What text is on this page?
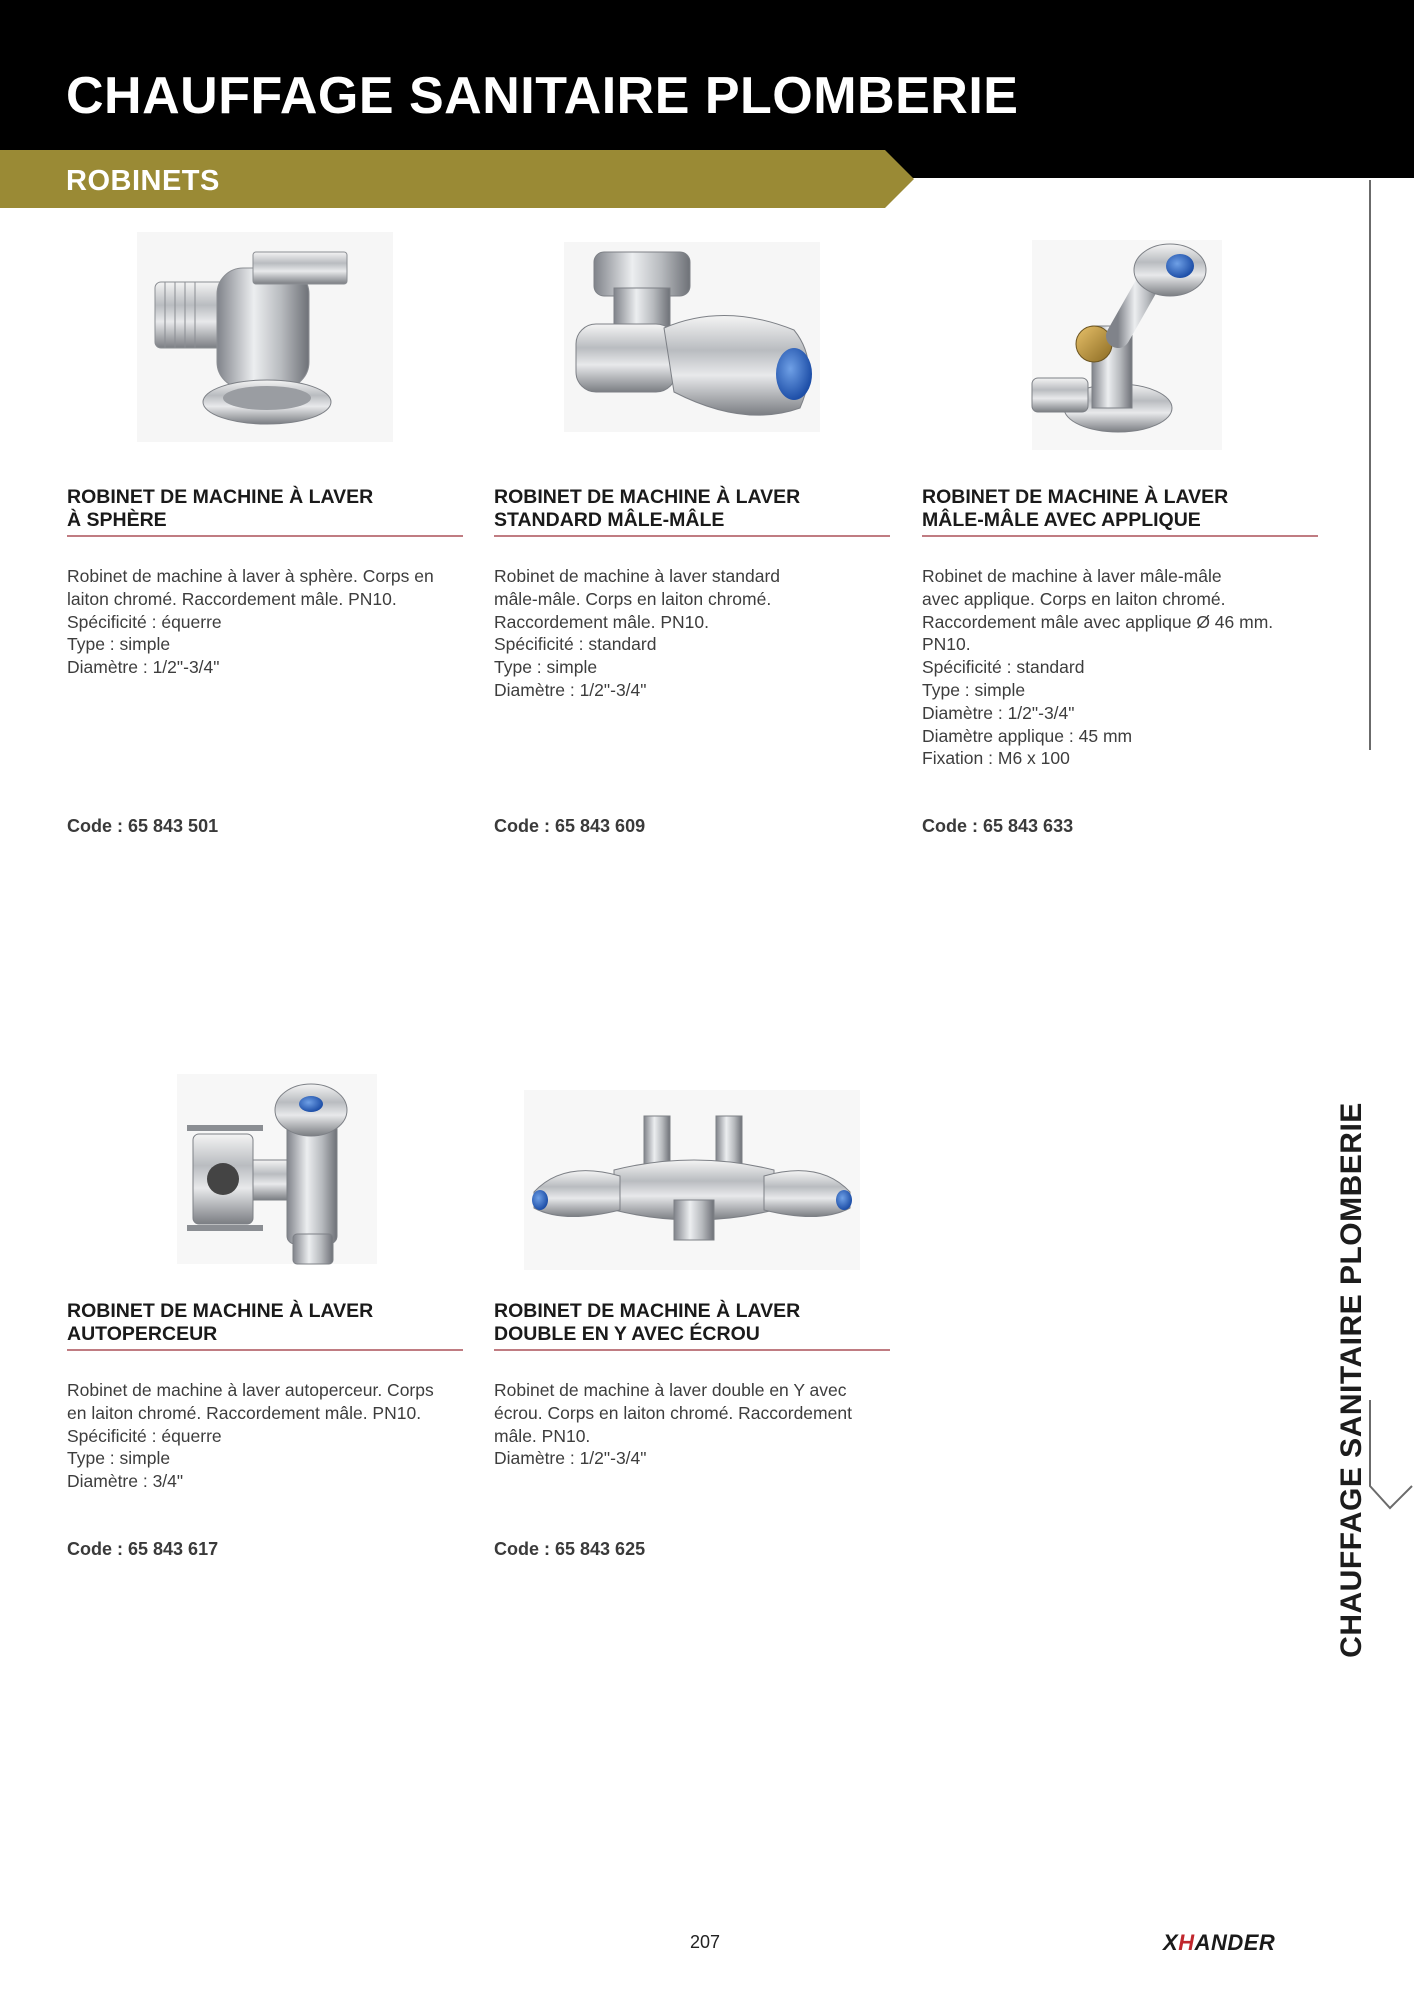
CHAUFFAGE SANITAIRE PLOMBERIE
ROBINETS
CHAUFFAGE SANITAIRE PLOMBERIE
ROBINET DE MACHINE À LAVER
À SPHÈRE
Robinet de machine à laver à sphère. Corps en
laiton chromé. Raccordement mâle. PN10.
Spécificité : équerre
Type : simple
Diamètre : 1/2"-3/4"
Code : 65 843 501
ROBINET DE MACHINE À LAVER
STANDARD MÂLE-MÂLE
Robinet de machine à laver standard
mâle-mâle. Corps en laiton chromé.
Raccordement mâle. PN10.
Spécificité : standard
Type : simple
Diamètre : 1/2"-3/4"
Code : 65 843 609
ROBINET DE MACHINE À LAVER
MÂLE-MÂLE AVEC APPLIQUE
Robinet de machine à laver mâle-mâle
avec applique. Corps en laiton chromé.
Raccordement mâle avec applique Ø 46 mm.
PN10.
Spécificité : standard
Type : simple
Diamètre : 1/2"-3/4"
Diamètre applique : 45 mm
Fixation : M6 x 100
Code : 65 843 633
ROBINET DE MACHINE À LAVER
AUTOPERCEUR
Robinet de machine à laver autoperceur. Corps
en laiton chromé. Raccordement mâle. PN10.
Spécificité : équerre
Type : simple
Diamètre : 3/4"
Code : 65 843 617
ROBINET DE MACHINE À LAVER
DOUBLE EN Y AVEC ÉCROU
Robinet de machine à laver double en Y avec
écrou. Corps en laiton chromé. Raccordement
mâle. PN10.
Diamètre : 1/2"-3/4"
Code : 65 843 625
207	XHANDER
